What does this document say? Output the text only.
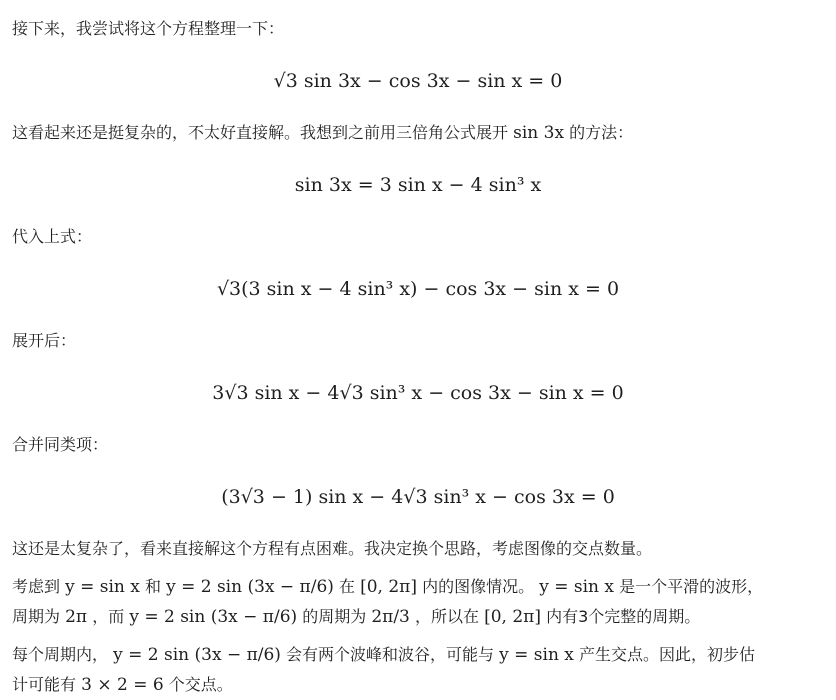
接下来，我尝试将这个方程整理一下：

√3 sin 3x − cos 3x − sin x = 0

这看起来还是挺复杂的，不太好直接解。我想到之前用三倍角公式展开 sin 3x 的方法：

sin 3x = 3 sin x − 4 sin³ x

代入上式：

√3(3 sin x − 4 sin³ x) − cos 3x − sin x = 0

展开后：

3√3 sin x − 4√3 sin³ x − cos 3x − sin x = 0

合并同类项：

(3√3 − 1) sin x − 4√3 sin³ x − cos 3x = 0

这还是太复杂了，看来直接解这个方程有点困难。我决定换个思路，考虑图像的交点数量。

考虑到 y = sin x 和 y = 2 sin (3x − π/6) 在 [0, 2π] 内的图像情况。 y = sin x 是一个平滑的波形，
周期为 2π ，而 y = 2 sin (3x − π/6) 的周期为 2π/3 ，所以在 [0, 2π] 内有3个完整的周期。

每个周期内， y = 2 sin (3x − π/6) 会有两个波峰和波谷，可能与 y = sin x 产生交点。因此，初步估
计可能有 3 × 2 = 6 个交点。
